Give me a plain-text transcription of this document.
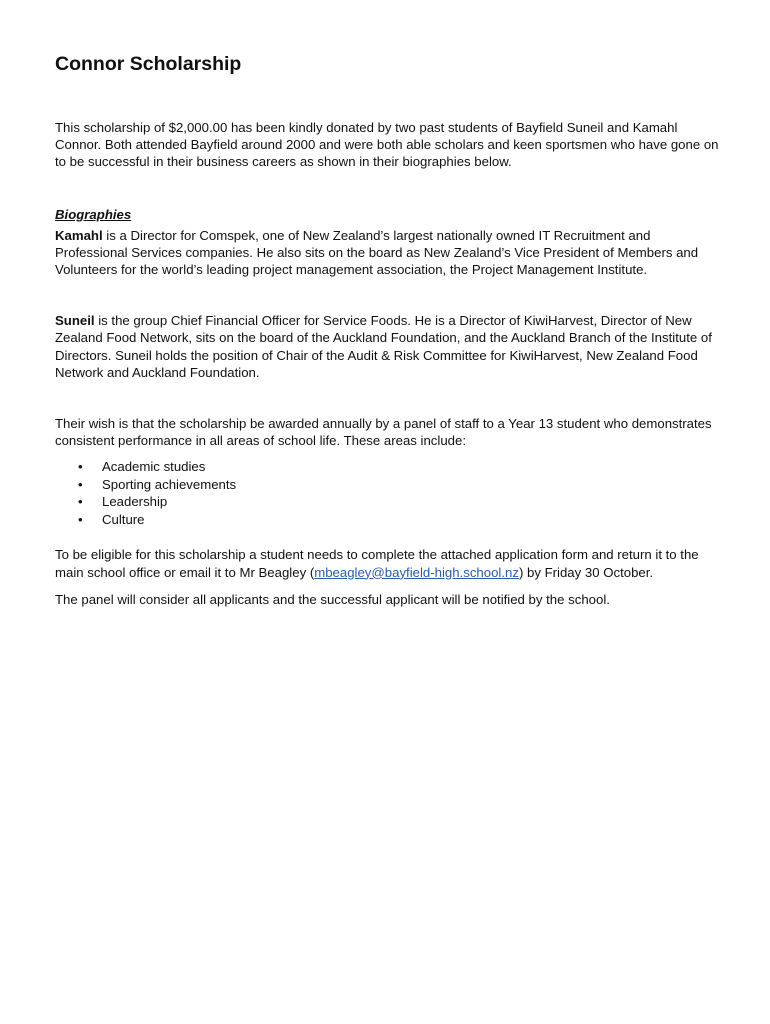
Connor Scholarship

This scholarship of $2,000.00 has been kindly donated by two past students of Bayfield Suneil and Kamahl Connor. Both attended Bayfield around 2000 and were both able scholars and keen sportsmen who have gone on to be successful in their business careers as shown in their biographies below.

Biographies

Kamahl is a Director for Comspek, one of New Zealand’s largest nationally owned IT Recruitment and Professional Services companies. He also sits on the board as New Zealand’s Vice President of Members and Volunteers for the world’s leading project management association, the Project Management Institute.

Suneil is the group Chief Financial Officer for Service Foods. He is a Director of KiwiHarvest, Director of New Zealand Food Network, sits on the board of the Auckland Foundation, and the Auckland Branch of the Institute of Directors. Suneil holds the position of Chair of the Audit & Risk Committee for KiwiHarvest, New Zealand Food Network and Auckland Foundation.

Their wish is that the scholarship be awarded annually by a panel of staff to a Year 13 student who demonstrates consistent performance in all areas of school life. These areas include:

• Academic studies
• Sporting achievements
• Leadership
• Culture

To be eligible for this scholarship a student needs to complete the attached application form and return it to the main school office or email it to Mr Beagley (mbeagley@bayfield-high.school.nz) by Friday 30 October.

The panel will consider all applicants and the successful applicant will be notified by the school.
